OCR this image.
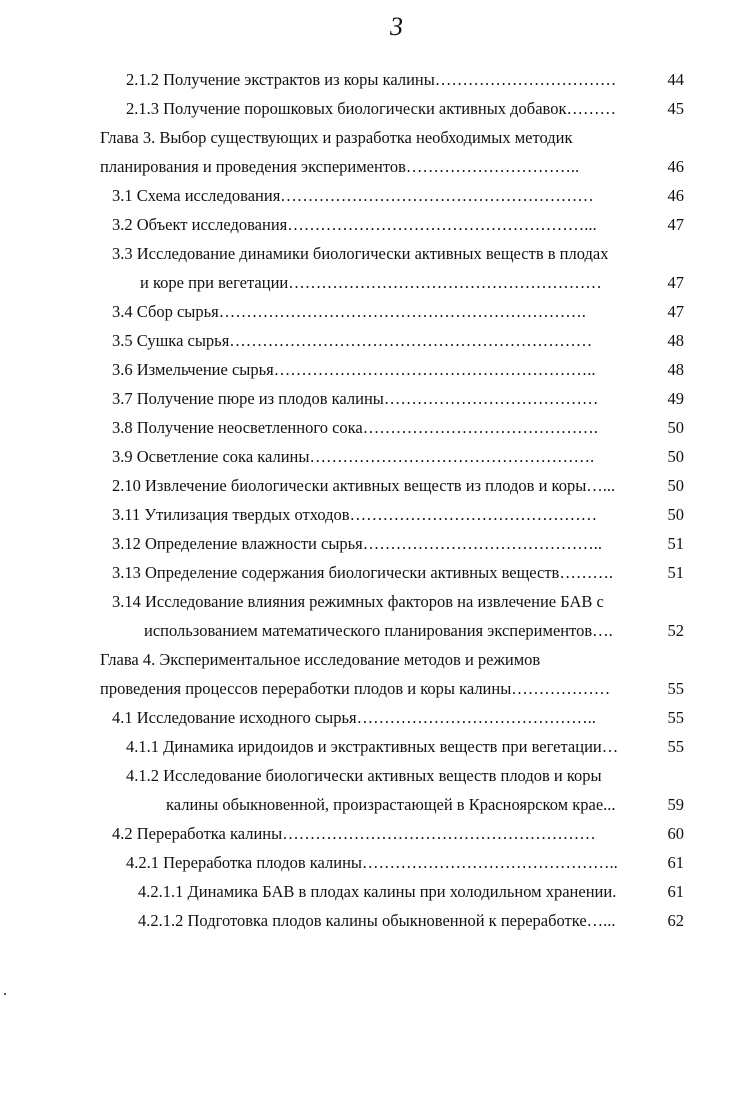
3
2.1.2 Получение экстрактов из коры калины……………………………	44
2.1.3 Получение порошковых биологически активных добавок………	45
Глава 3. Выбор существующих и разработка необходимых методик
планирования и проведения экспериментов…………………………..	46
3.1 Схема исследования…………………………………………………	46
3.2 Объект исследования………………………………………………...	47
3.3 Исследование динамики биологически активных веществ в плодах
и коре при вегетации…………………………………………………	47
3.4 Сбор сырья………………………………………………………….	47
3.5 Сушка сырья…………………………………………………………	48
3.6 Измельчение сырья…………………………………………………..	48
3.7 Получение пюре из плодов калины…………………………………	49
3.8 Получение неосветленного сока…………………………………….	50
3.9 Осветление сока калины…………………………………………….	50
2.10 Извлечение биологически активных веществ из плодов и коры…...	50
3.11 Утилизация твердых отходов………………………………………	50
3.12 Определение влажности сырья……………………………………..	51
3.13 Определение содержания биологически активных веществ……….	51
3.14 Исследование влияния режимных факторов на извлечение БАВ с
использованием математического планирования экспериментов….	52
Глава 4. Экспериментальное исследование методов и режимов
проведения процессов переработки плодов и коры калины………………	55
4.1 Исследование исходного сырья……………………………………..	55
4.1.1 Динамика иридоидов и экстрактивных веществ при вегетации…	55
4.1.2 Исследование биологически активных веществ плодов и коры
калины обыкновенной, произрастающей в Красноярском крае...	59
4.2 Переработка калины…………………………………………………	60
4.2.1 Переработка плодов калины………………………………………..	61
4.2.1.1 Динамика БАВ в плодах калины при холодильном хранении.	61
4.2.1.2 Подготовка плодов калины обыкновенной к переработке…...	62
